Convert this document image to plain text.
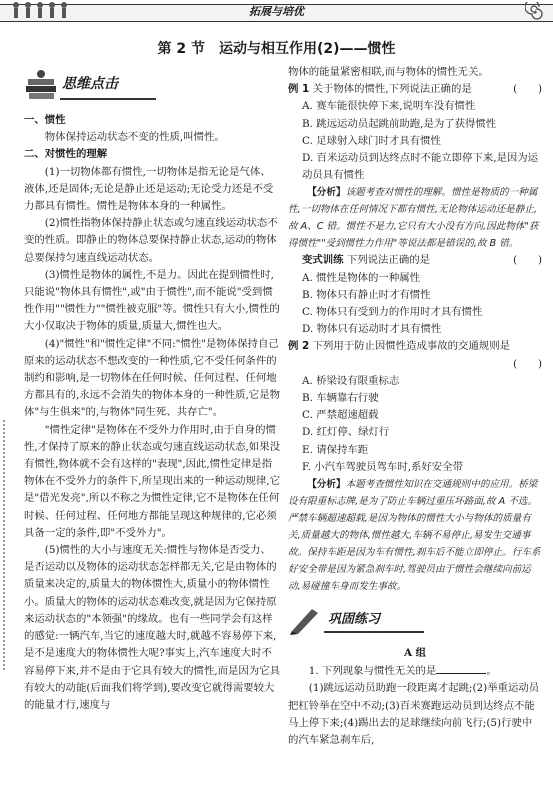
拓展与培优
第 2 节　运动与相互作用(2)——惯性
思维点击

一、惯性

物体保持运动状态不变的性质,叫惯性。

二、对惯性的理解

(1)一切物体都有惯性,一切物体是指无论是气体、液体,还是固体;无论是静止还是运动;无论受力还是不受力都具有惯性。惯性是物体本身的一种属性。

(2)惯性指物体保持静止状态或匀速直线运动状态不变的性质。即静止的物体总要保持静止状态,运动的物体总要保持匀速直线运动状态。

(3)惯性是物体的属性,不是力。因此在提到惯性时,只能说"物体具有惯性",或"由于惯性",而不能说"受到惯性作用""惯性力""惯性被克服"等。惯性只有大小,惯性的大小仅取决于物体的质量,质量大,惯性也大。

(4)"惯性"和"惯性定律"不同:"惯性"是物体保持自己原来的运动状态不想改变的一种性质,它不受任何条件的制约和影响,是一切物体在任何时候、任何过程、任何地方都具有的,永远不会消失的物体本身的一种性质,它是物体"与生俱来"的,与物体"同生死、共存亡"。

"惯性定律"是物体在不受外力作用时,由于自身的惯性,才保持了原来的静止状态或匀速直线运动状态,如果没有惯性,物体就不会有这样的"表现",因此,惯性定律是指物体在不受外力的条件下,所呈现出来的一种运动规律,它是"借光发亮",所以不称之为惯性定律,它不是物体在任何时候、任何过程、任何地方都能呈现这种规律的,它必须具备一定的条件,即"不受外力"。

(5)惯性的大小与速度无关:惯性与物体是否受力、是否运动以及物体的运动状态怎样都无关,它是由物体的质量来决定的,质量大的物体惯性大,质量小的物体惯性小。质量大的物体的运动状态难改变,就是因为它保持原来运动状态的"本领强"的缘故。也有一些同学会有这样的感觉:一辆汽车,当它的速度越大时,就越不容易停下来,是不是速度大的物体惯性大呢?事实上,汽车速度大时不容易停下来,并不是由于它具有较大的惯性,而是因为它具有较大的动能(后面我们将学到),要改变它就得需要较大的能量才行,速度与

物体的能量紧密相联,而与物体的惯性无关。

例 1 关于物体的惯性,下列说法正确的是	(　　)

A. 赛车能很快停下来,说明车没有惯性

B. 跳远运动员起跳前助跑,是为了获得惯性

C. 足球射入球门时才具有惯性

D. 百米运动员到达终点时不能立即停下来,是因为运动员具有惯性

【分析】该题考查对惯性的理解。惯性是物质的一种属性,一切物体在任何情况下都有惯性,无论物体运动还是静止,故 A、C 错。惯性不是力,它只有大小没有方向,因此物体"获得惯性""受到惯性力作用"等说法都是错误的,故 B 错。

变式训练 下列说法正确的是	(　　)

A. 惯性是物体的一种属性

B. 物体只有静止时才有惯性

C. 物体只有受到力的作用时才具有惯性

D. 物体只有运动时才具有惯性

例 2 下列用于防止因惯性造成事故的交通规则是

(　　)

A. 桥梁设有限重标志

B. 车辆靠右行驶

C. 严禁超速超载

D. 红灯停、绿灯行

E. 请保持车距

F. 小汽车驾驶员驾车时,系好安全带

【分析】本题考查惯性知识在交通规则中的应用。桥梁设有限重标志牌,是为了防止车辆过重压坏路面,故 A 不选。严禁车辆超速超载,是因为物体的惯性大小与物体的质量有关,质量越大的物体,惯性越大,车辆不易停止,易发生交通事故。保持车距是因为车有惯性,刹车后不能立即停止。行车系好安全带是因为紧急刹车时,驾驶员由于惯性会继续向前运动,易碰撞车身而发生事故。

巩固练习

A 组

1. 下列现象与惯性无关的是	。

(1)跳远运动员助跑一段距离才起跳;(2)举重运动员把杠铃举在空中不动;(3)百米赛跑运动员到达终点不能马上停下来;(4)踢出去的足球继续向前飞行;(5)行驶中的汽车紧急刹车后,
